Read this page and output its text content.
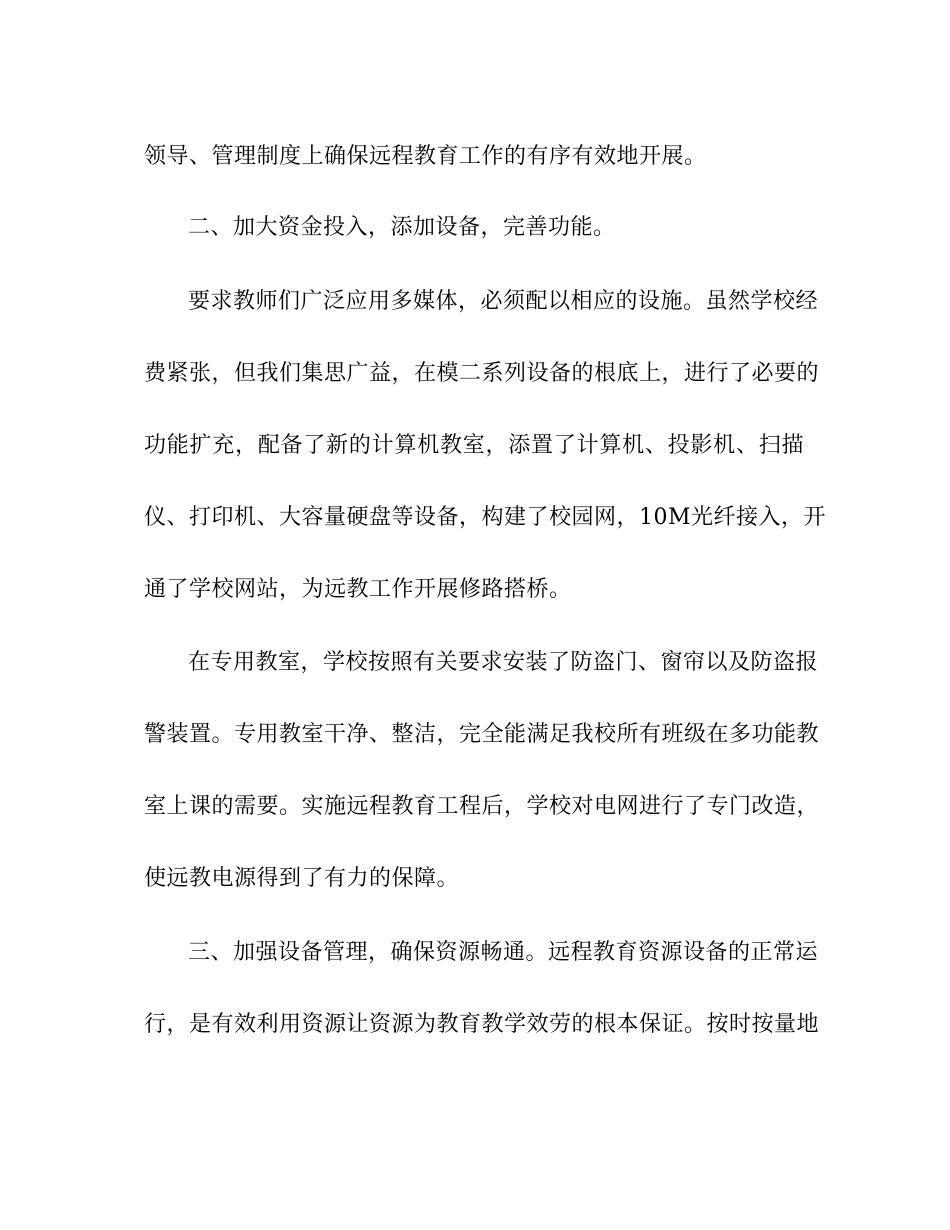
领导、管理制度上确保远程教育工作的有序有效地开展。
二、加大资金投入，添加设备，完善功能。
要求教师们广泛应用多媒体，必须配以相应的设施。虽然学校经
费紧张，但我们集思广益，在模二系列设备的根底上，进行了必要的
功能扩充，配备了新的计算机教室，添置了计算机、投影机、扫描
仪、打印机、大容量硬盘等设备，构建了校园网，10M光纤接入，开
通了学校网站，为远教工作开展修路搭桥。
在专用教室，学校按照有关要求安装了防盗门、窗帘以及防盗报
警装置。专用教室干净、整洁，完全能满足我校所有班级在多功能教
室上课的需要。实施远程教育工程后，学校对电网进行了专门改造，
使远教电源得到了有力的保障。
三、加强设备管理，确保资源畅通。远程教育资源设备的正常运
行，是有效利用资源让资源为教育教学效劳的根本保证。按时按量地
